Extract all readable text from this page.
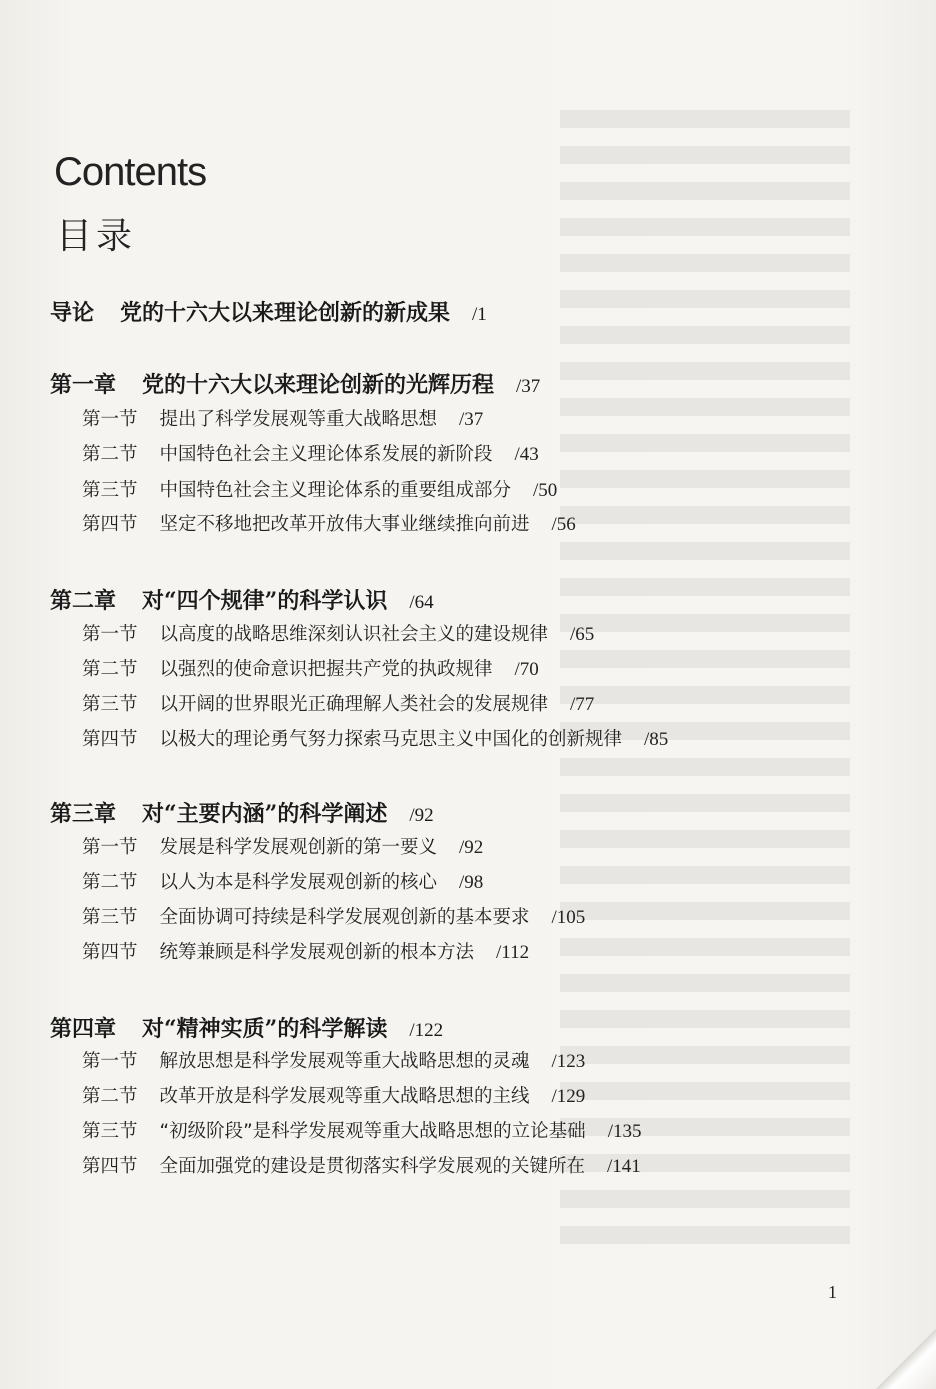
Contents
目录
导论 党的十六大以来理论创新的新成果 /1
第一章 党的十六大以来理论创新的光辉历程 /37
第一节 提出了科学发展观等重大战略思想 /37
第二节 中国特色社会主义理论体系发展的新阶段 /43
第三节 中国特色社会主义理论体系的重要组成部分 /50
第四节 坚定不移地把改革开放伟大事业继续推向前进 /56
第二章 对“四个规律”的科学认识 /64
第一节 以高度的战略思维深刻认识社会主义的建设规律 /65
第二节 以强烈的使命意识把握共产党的执政规律 /70
第三节 以开阔的世界眼光正确理解人类社会的发展规律 /77
第四节 以极大的理论勇气努力探索马克思主义中国化的创新规律 /85
第三章 对“主要内涵”的科学阐述 /92
第一节 发展是科学发展观创新的第一要义 /92
第二节 以人为本是科学发展观创新的核心 /98
第三节 全面协调可持续是科学发展观创新的基本要求 /105
第四节 统筹兼顾是科学发展观创新的根本方法 /112
第四章 对“精神实质”的科学解读 /122
第一节 解放思想是科学发展观等重大战略思想的灵魂 /123
第二节 改革开放是科学发展观等重大战略思想的主线 /129
第三节 “初级阶段”是科学发展观等重大战略思想的立论基础 /135
第四节 全面加强党的建设是贯彻落实科学发展观的关键所在 /141
1
